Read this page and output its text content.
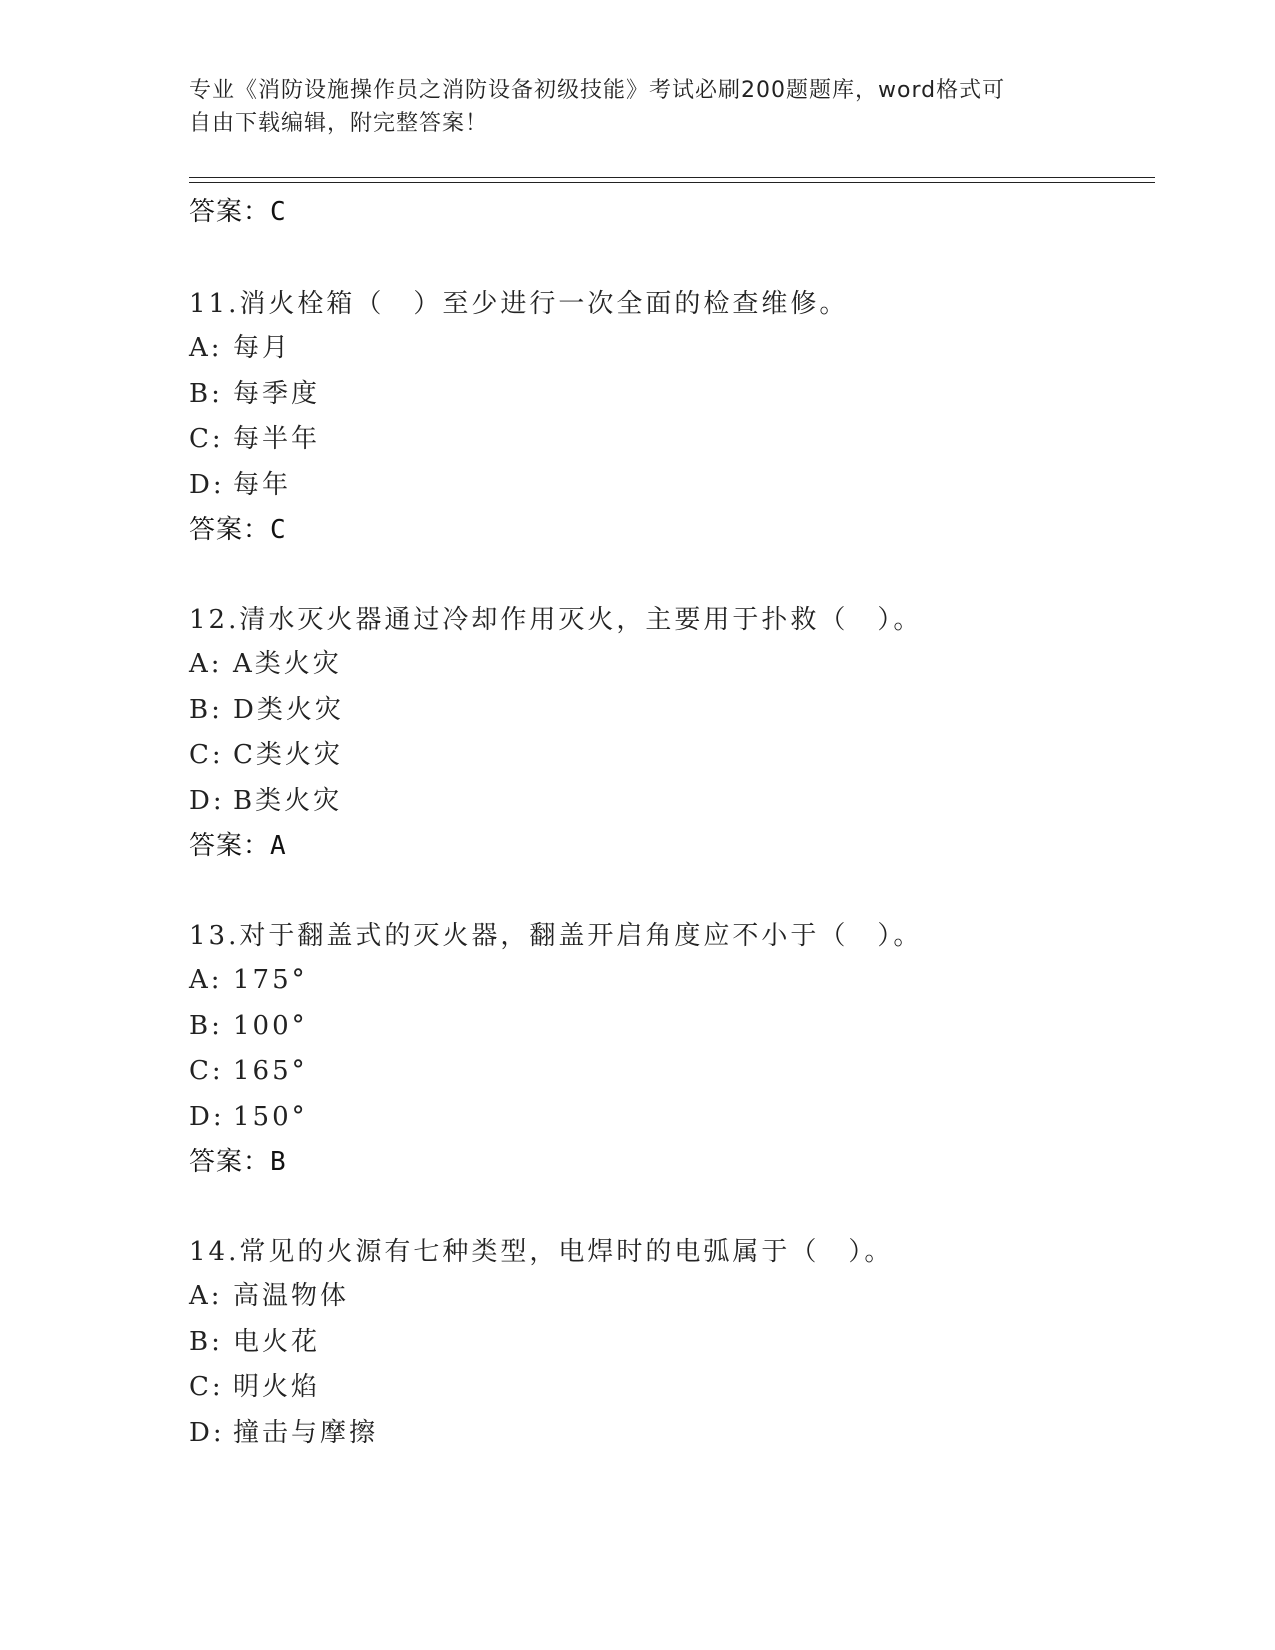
专业《消防设施操作员之消防设备初级技能》考试必刷200题题库，word格式可
自由下载编辑，附完整答案！
答案：C
11.消火栓箱（　）至少进行一次全面的检查维修。
A: 每月
B: 每季度
C: 每半年
D: 每年
答案：C
12.清水灭火器通过冷却作用灭火，主要用于扑救（　）。
A: A类火灾
B: D类火灾
C: C类火灾
D: B类火灾
答案：A
13.对于翻盖式的灭火器，翻盖开启角度应不小于（　）。
A: 175°
B: 100°
C: 165°
D: 150°
答案：B
14.常见的火源有七种类型，电焊时的电弧属于（　）。
A: 高温物体
B: 电火花
C: 明火焰
D: 撞击与摩擦
